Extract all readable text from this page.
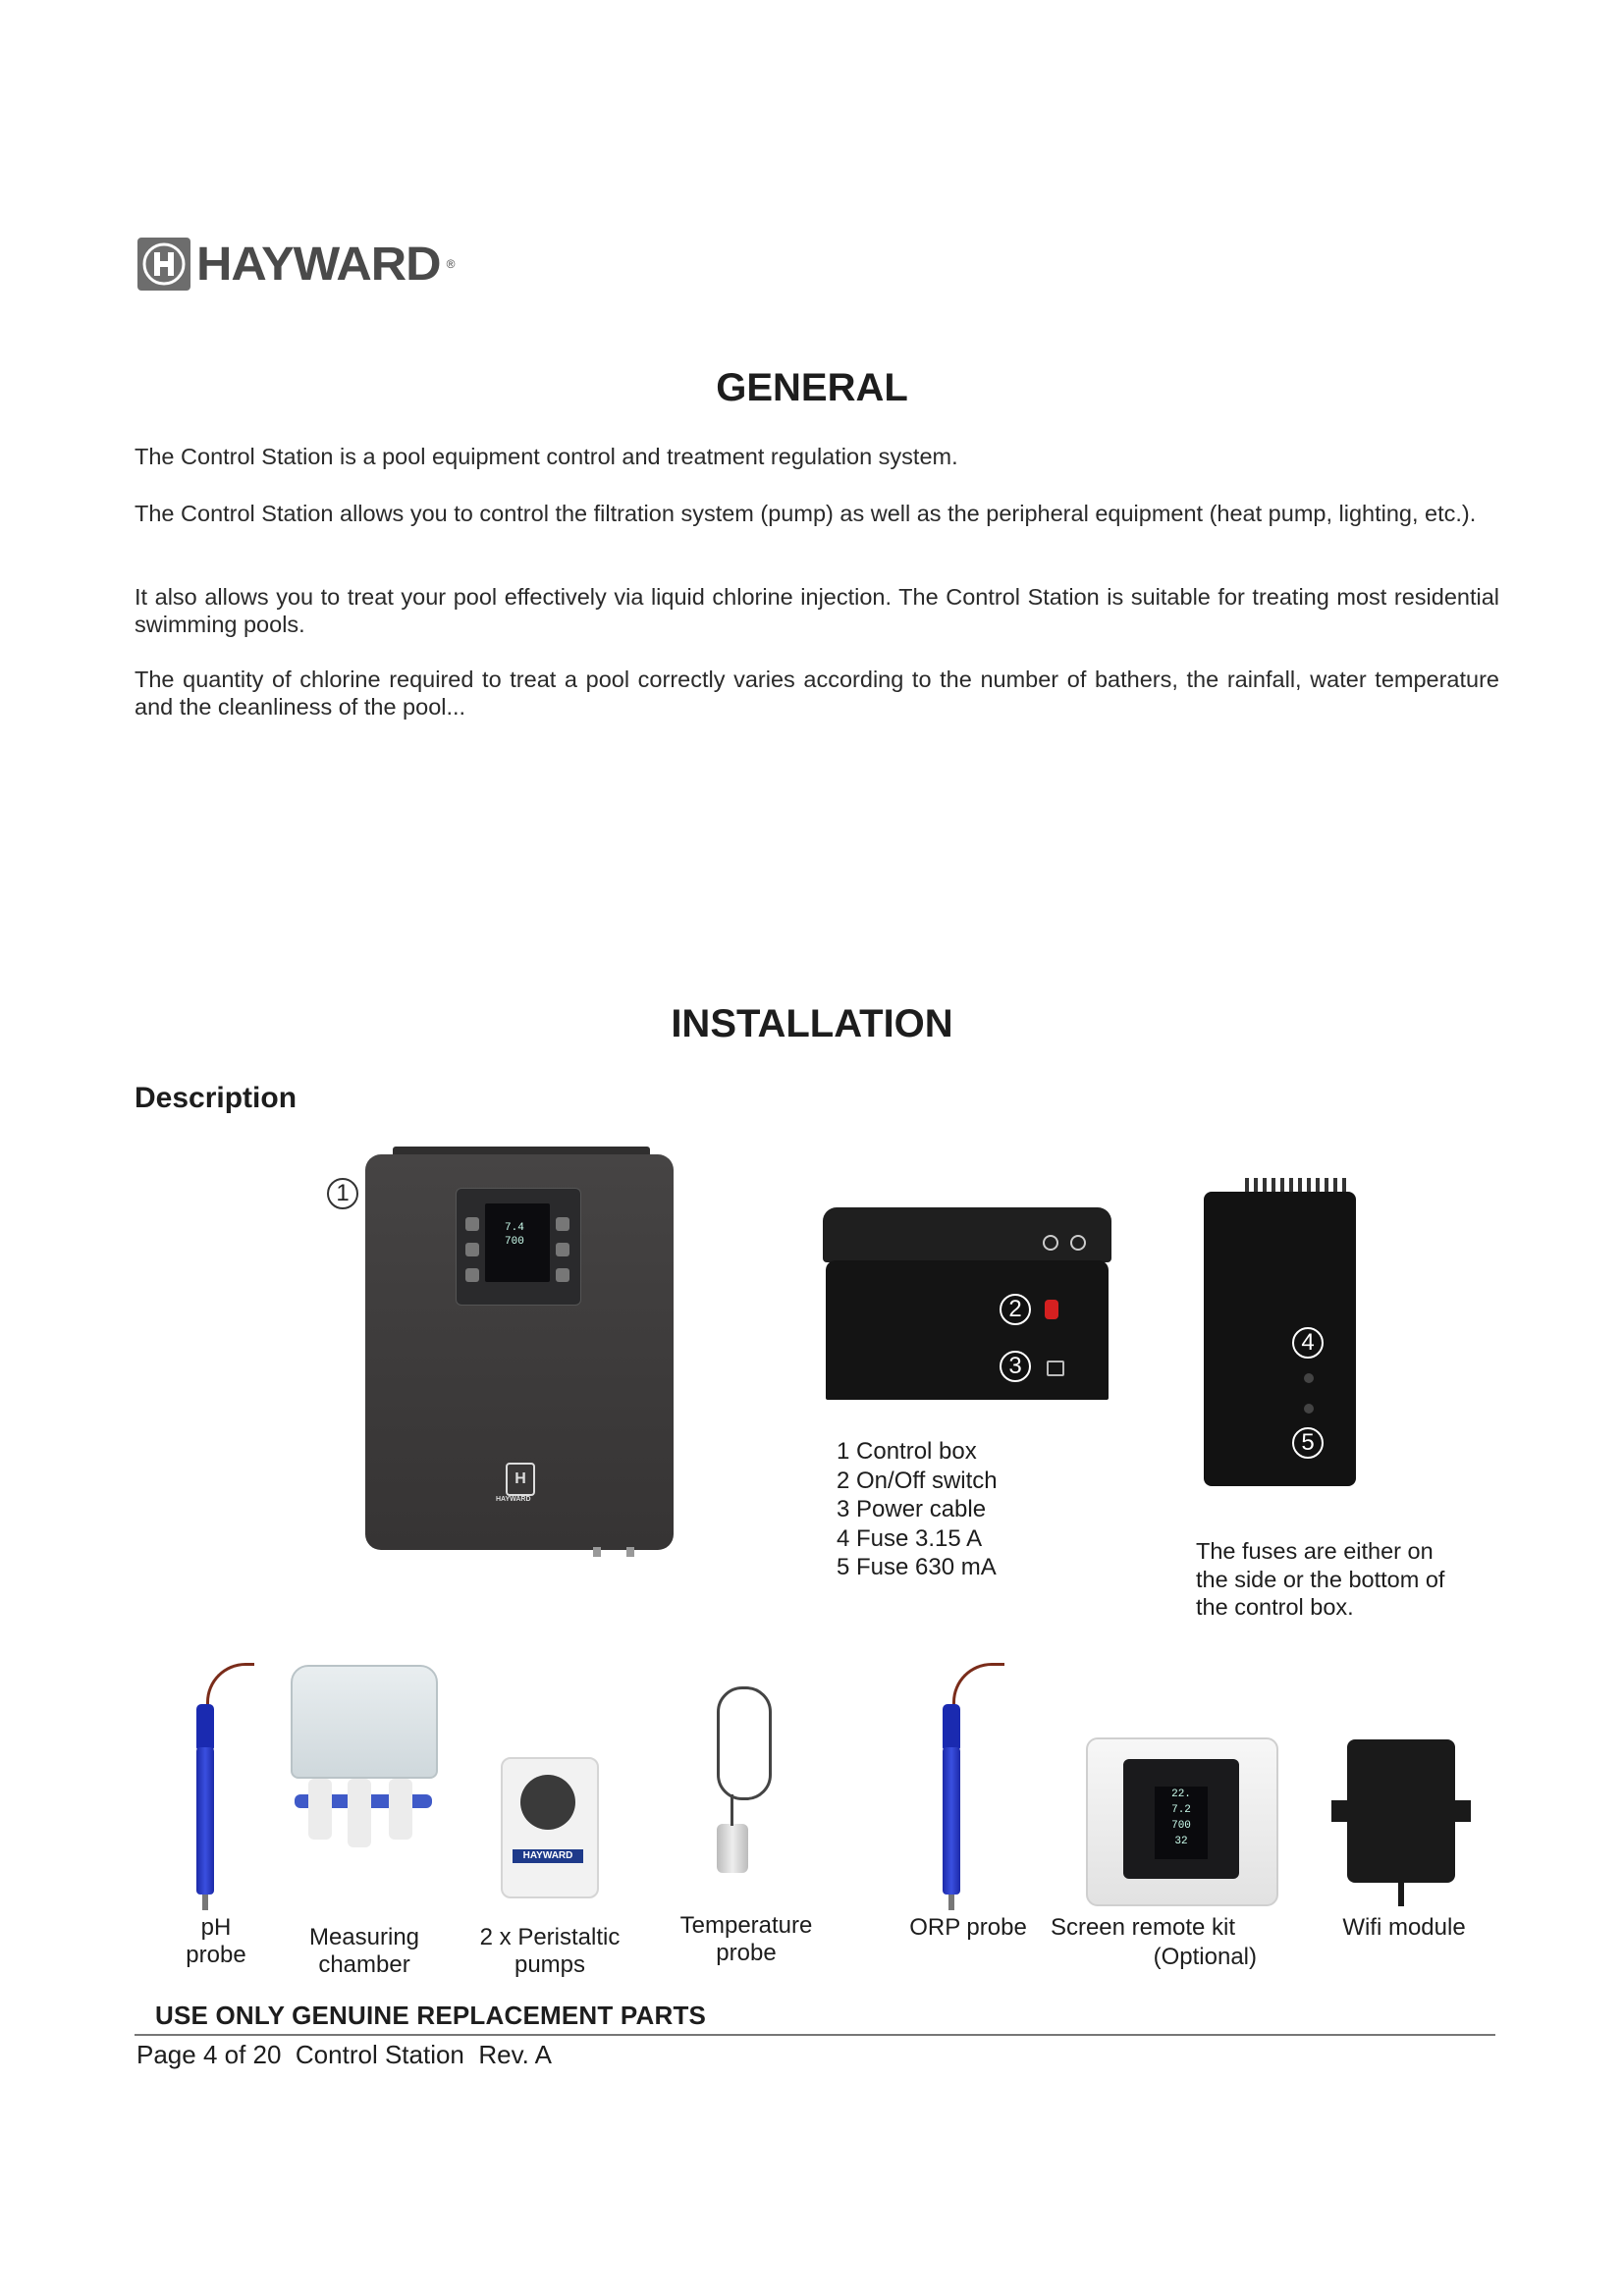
HAYWARD ®
GENERAL
The Control Station is a pool equipment control and treatment regulation system.
The Control Station allows you to control the filtration system (pump) as well as the peripheral equipment (heat pump, lighting, etc.).
It also allows you to treat your pool effectively via liquid chlorine injection. The Control Station is suitable for treating most residential swimming pools.
The quantity of chlorine required to treat a pool correctly varies according to the number of bathers, the rainfall, water temperature and the cleanliness of the pool...
INSTALLATION
Description
1
7.4
700
H
HAYWARD
2
3
4
5
1 Control box
2 On/Off switch
3 Power cable
4 Fuse 3.15 A
5 Fuse 630 mA
The fuses are either on the side or the bottom of the control box.
HAYWARD
22.
7.2
700
32
pH
probe
Measuring
chamber
2 x Peristaltic
pumps
Temperature
probe
ORP probe	Screen remote kit
(Optional)
Wifi module
USE ONLY GENUINE REPLACEMENT PARTS
Page 4 of 20  Control Station  Rev. A
